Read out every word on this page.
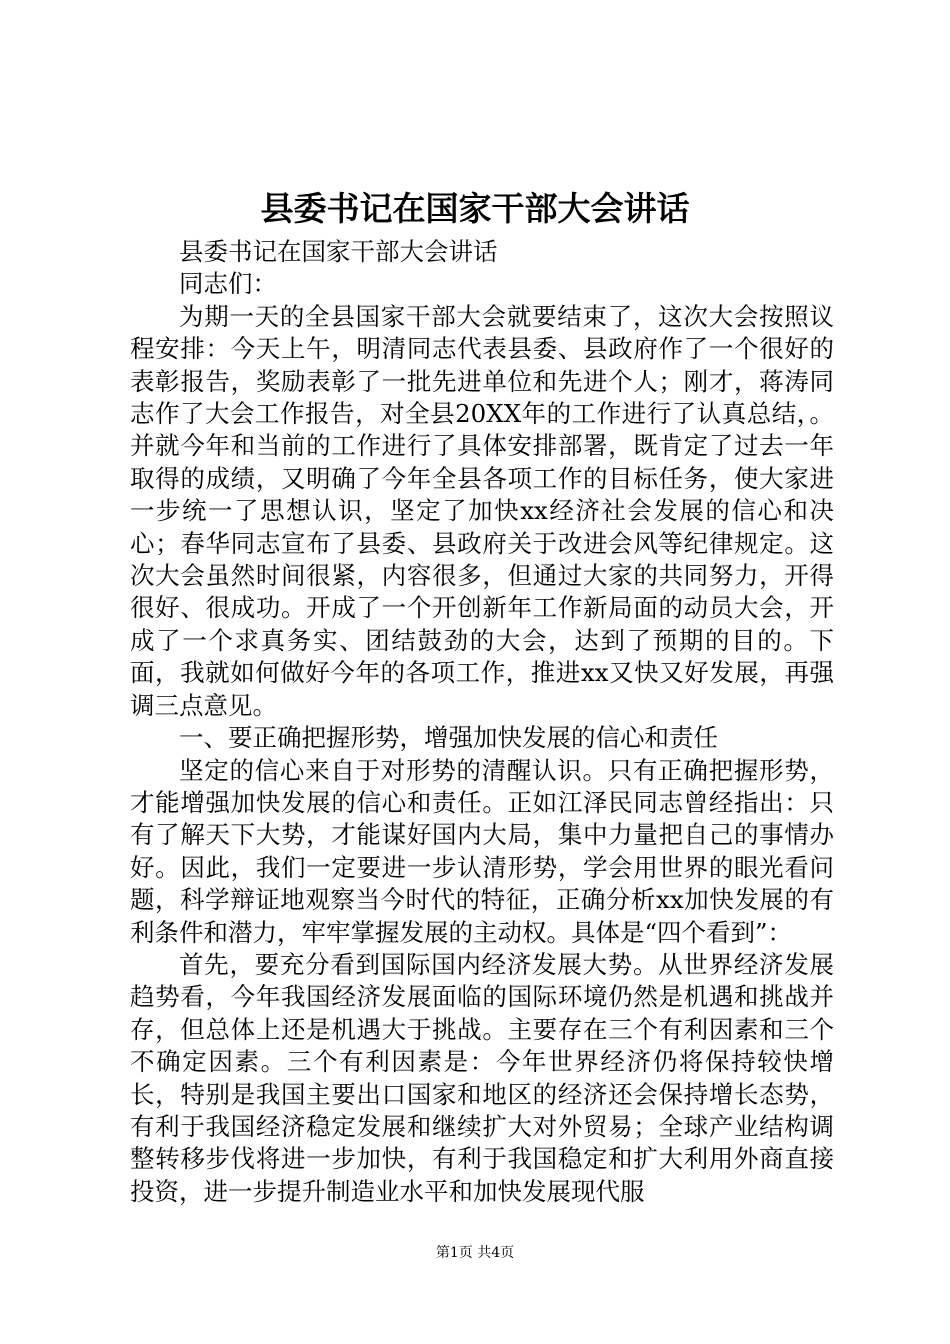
县委书记在国家干部大会讲话

县委书记在国家干部大会讲话

同志们：

为期一天的全县国家干部大会就要结束了，这次大会按照议程安排：今天上午，明清同志代表县委、县政府作了一个很好的表彰报告，奖励表彰了一批先进单位和先进个人；刚才，蒋涛同志作了大会工作报告，对全县20XX年的工作进行了认真总结，。并就今年和当前的工作进行了具体安排部署，既肯定了过去一年取得的成绩，又明确了今年全县各项工作的目标任务，使大家进一步统一了思想认识，坚定了加快xx经济社会发展的信心和决心；春华同志宣布了县委、县政府关于改进会风等纪律规定。这次大会虽然时间很紧，内容很多，但通过大家的共同努力，开得很好、很成功。开成了一个开创新年工作新局面的动员大会，开成了一个求真务实、团结鼓劲的大会，达到了预期的目的。下面，我就如何做好今年的各项工作，推进xx又快又好发展，再强调三点意见。

一、要正确把握形势，增强加快发展的信心和责任

坚定的信心来自于对形势的清醒认识。只有正确把握形势，才能增强加快发展的信心和责任。正如江泽民同志曾经指出：只有了解天下大势，才能谋好国内大局，集中力量把自己的事情办好。因此，我们一定要进一步认清形势，学会用世界的眼光看问题，科学辩证地观察当今时代的特征，正确分析xx加快发展的有利条件和潜力，牢牢掌握发展的主动权。具体是“四个看到”：

首先，要充分看到国际国内经济发展大势。从世界经济发展趋势看，今年我国经济发展面临的国际环境仍然是机遇和挑战并存，但总体上还是机遇大于挑战。主要存在三个有利因素和三个不确定因素。三个有利因素是：今年世界经济仍将保持较快增长，特别是我国主要出口国家和地区的经济还会保持增长态势，有利于我国经济稳定发展和继续扩大对外贸易；全球产业结构调整转移步伐将进一步加快，有利于我国稳定和扩大利用外商直接投资，进一步提升制造业水平和加快发展现代服

第1页 共4页
